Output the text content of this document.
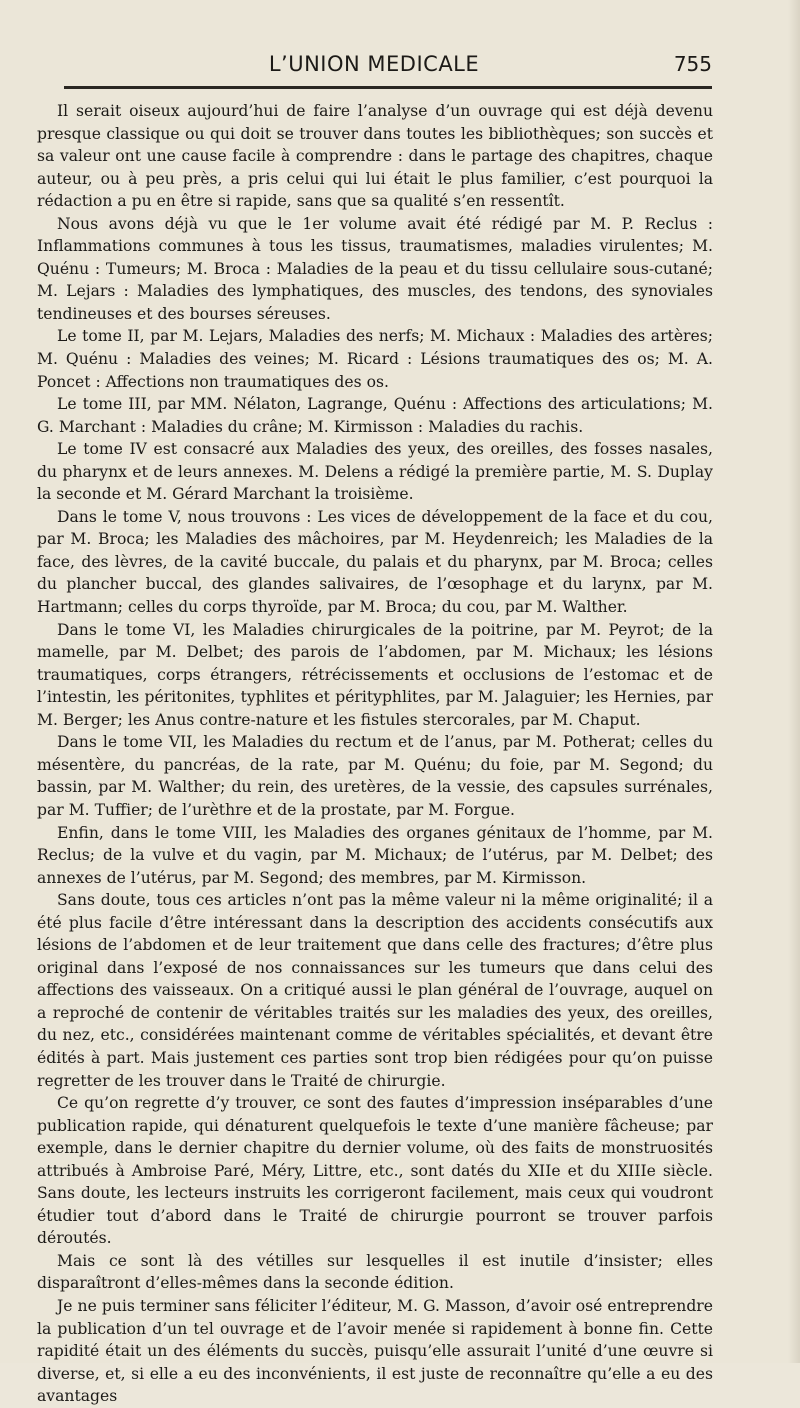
L’UNION MEDICALE	755

Il serait oiseux aujourd’hui de faire l’analyse d’un ouvrage qui est déjà devenu presque classique ou qui doit se trouver dans toutes les bibliothèques; son succès et sa valeur ont une cause facile à comprendre : dans le partage des chapitres, chaque auteur, ou à peu près, a pris celui qui lui était le plus familier, c’est pourquoi la rédaction a pu en être si rapide, sans que sa qualité s’en ressentît.

Nous avons déjà vu que le 1er volume avait été rédigé par M. P. Reclus : Inflammations communes à tous les tissus, traumatismes, maladies virulentes; M. Quénu : Tumeurs; M. Broca : Maladies de la peau et du tissu cellulaire sous-cutané; M. Lejars : Maladies des lymphatiques, des muscles, des tendons, des synoviales tendineuses et des bourses séreuses.

Le tome II, par M. Lejars, Maladies des nerfs; M. Michaux : Maladies des artères; M. Quénu : Maladies des veines; M. Ricard : Lésions traumatiques des os; M. A. Poncet : Affections non traumatiques des os.

Le tome III, par MM. Nélaton, Lagrange, Quénu : Affections des articulations; M. G. Marchant : Maladies du crâne; M. Kirmisson : Maladies du rachis.

Le tome IV est consacré aux Maladies des yeux, des oreilles, des fosses nasales, du pharynx et de leurs annexes. M. Delens a rédigé la première partie, M. S. Duplay la seconde et M. Gérard Marchant la troisième.

Dans le tome V, nous trouvons : Les vices de développement de la face et du cou, par M. Broca; les Maladies des mâchoires, par M. Heydenreich; les Maladies de la face, des lèvres, de la cavité buccale, du palais et du pharynx, par M. Broca; celles du plancher buccal, des glandes salivaires, de l’œsophage et du larynx, par M. Hartmann; celles du corps thyroïde, par M. Broca; du cou, par M. Walther.

Dans le tome VI, les Maladies chirurgicales de la poitrine, par M. Peyrot; de la mamelle, par M. Delbet; des parois de l’abdomen, par M. Michaux; les lésions traumatiques, corps étrangers, rétrécissements et occlusions de l’estomac et de l’intestin, les péritonites, typhlites et pérityphlites, par M. Jalaguier; les Hernies, par M. Berger; les Anus contre-nature et les fistules stercorales, par M. Chaput.

Dans le tome VII, les Maladies du rectum et de l’anus, par M. Potherat; celles du mésentère, du pancréas, de la rate, par M. Quénu; du foie, par M. Segond; du bassin, par M. Walther; du rein, des uretères, de la vessie, des capsules surrénales, par M. Tuffier; de l’urèthre et de la prostate, par M. Forgue.

Enfin, dans le tome VIII, les Maladies des organes génitaux de l’homme, par M. Reclus; de la vulve et du vagin, par M. Michaux; de l’utérus, par M. Delbet; des annexes de l’utérus, par M. Segond; des membres, par M. Kirmisson.

Sans doute, tous ces articles n’ont pas la même valeur ni la même originalité; il a été plus facile d’être intéressant dans la description des accidents consécutifs aux lésions de l’abdomen et de leur traitement que dans celle des fractures; d’être plus original dans l’exposé de nos connaissances sur les tumeurs que dans celui des affections des vaisseaux. On a critiqué aussi le plan général de l’ouvrage, auquel on a reproché de contenir de véritables traités sur les maladies des yeux, des oreilles, du nez, etc., considérées maintenant comme de véritables spécialités, et devant être édités à part. Mais justement ces parties sont trop bien rédigées pour qu’on puisse regretter de les trouver dans le Traité de chirurgie.

Ce qu’on regrette d’y trouver, ce sont des fautes d’impression inséparables d’une publication rapide, qui dénaturent quelquefois le texte d’une manière fâcheuse; par exemple, dans le dernier chapitre du dernier volume, où des faits de monstruosités attribués à Ambroise Paré, Méry, Littre, etc., sont datés du XIIe et du XIIIe siècle. Sans doute, les lecteurs instruits les corrigeront facilement, mais ceux qui voudront étudier tout d’abord dans le Traité de chirurgie pourront se trouver parfois déroutés.

Mais ce sont là des vétilles sur lesquelles il est inutile d’insister; elles disparaîtront d’elles-mêmes dans la seconde édition.

Je ne puis terminer sans féliciter l’éditeur, M. G. Masson, d’avoir osé entreprendre la publication d’un tel ouvrage et de l’avoir menée si rapidement à bonne fin. Cette rapidité était un des éléments du succès, puisqu’elle assurait l’unité d’une œuvre si diverse, et, si elle a eu des inconvénients, il est juste de reconnaître qu’elle a eu des avantages
